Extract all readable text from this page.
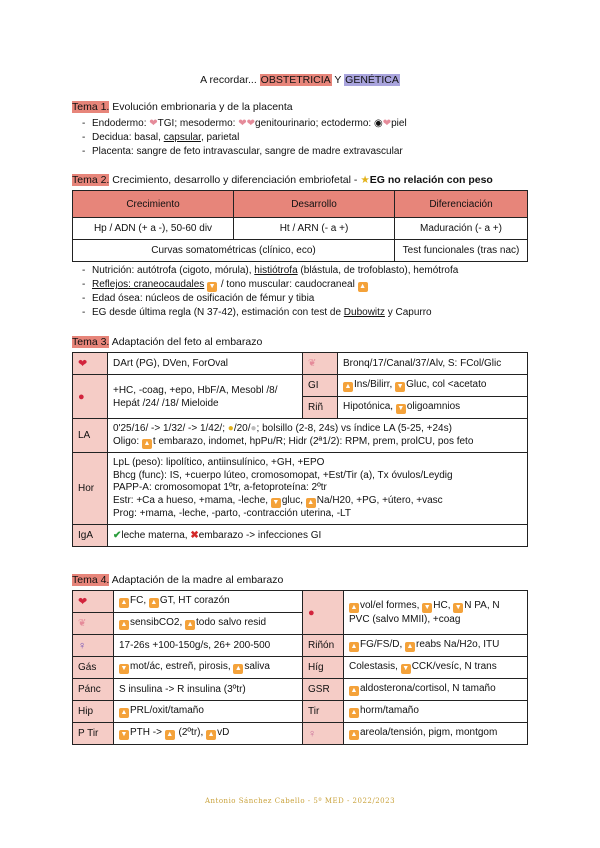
A recordar... OBSTETRICIA Y GENÉTICA
Tema 1. Evolución embrionaria y de la placenta
- Endodermo: ❤TGI; mesodermo: ❤❤genitourinario; ectodermo: ◉❤piel
- Decidua: basal, capsular, parietal
- Placenta: sangre de feto intravascular, sangre de madre extravascular
Tema 2. Crecimiento, desarrollo y diferenciación embriofetal - ★EG no relación con peso
Crecimiento	Desarrollo	Diferenciación
Hp / ADN (+ a -), 50-60 div	Ht / ARN (- a +)	Maduración (- a +)
Curvas somatométricas (clínico, eco)		Test funcionales (tras nac)
- Nutrición: autótrofa (cigoto, mórula), histiótrofa (blástula, de trofoblasto), hemótrofa
- Reflejos: craneocaudales ▼ / tono muscular: caudocraneal ▲
- Edad ósea: núcleos de osificación de fémur y tibia
- EG desde última regla (N 37-42), estimación con test de Dubowitz y Capurro
Tema 3. Adaptación del feto al embarazo
❤	DArt (PG), DVen, ForOval	❦	Bronq/17/Canal/37/Alv, S: FCol/Glic
●	+HC, -coag, +epo, HbF/A, Mesobl /8/ Hepát /24/ /18/ Mieloide	GI	▲ Ins/Bilirr, ▼ Gluc, col <acetato
		Riñ	Hipotónica, ▼ oligoamnios
LA	0'25/16/ -> 1/32/ -> 1/42/; ●/20/●; bolsillo (2-8, 24s) vs índice LA (5-25, +24s)
Oligo: ▲ t embarazo, indomet, hpPu/R; Hidr (2ª1/2): RPM, prem, prolCU, pos feto		

Hor	LpL (peso): lipolítico, antiinsulínico, +GH, +EPO
Bhcg (func): IS, +cuerpo lúteo, cromosomopat, +Est/Tir (a), Tx óvulos/Leydig
PAPP-A: cromosomopat 1ºtr, a-fetoproteína: 2ºtr
Estr: +Ca a hueso, +mama, -leche, ▼ gluc, ▲ Na/H20, +PG, +útero, +vasc
Prog: +mama, -leche, -parto, -contracción uterina, -LT		

IgA	✔leche materna, ✖embarazo -> infecciones GI		
Tema 4. Adaptación de la madre al embarazo
❤	▲ FC, ▲ GT, HT corazón	●	▲ vol/el formes, ▼ HC, ▼ N PA, N PVC (salvo MMII), +coag
❦	▲ sensibCO2, ▲ todo salvo resid		
♀	17-26s +100-150g/s, 26+ 200-500	Riñón	▲ FG/FS/D, ▲ reabs Na/H2o, ITU
Gás	▼ mot/ác, estreñ, pirosis, ▲ saliva	Híg	Colestasis, ▼ CCK/vesíc, N trans
Pánc	S insulina -> R insulina (3ºtr)	GSR	▲ aldosterona/cortisol, N tamaño
Hip	▲ PRL/oxit/tamaño	Tir	▲ horm/tamaño
P Tir	▼ PTH -> ▲ (2ºtr), ▲ vD	♀	▲ areola/tensión, pigm, montgom
Antonio Sánchez Cabello - 5º MED - 2022/2023
